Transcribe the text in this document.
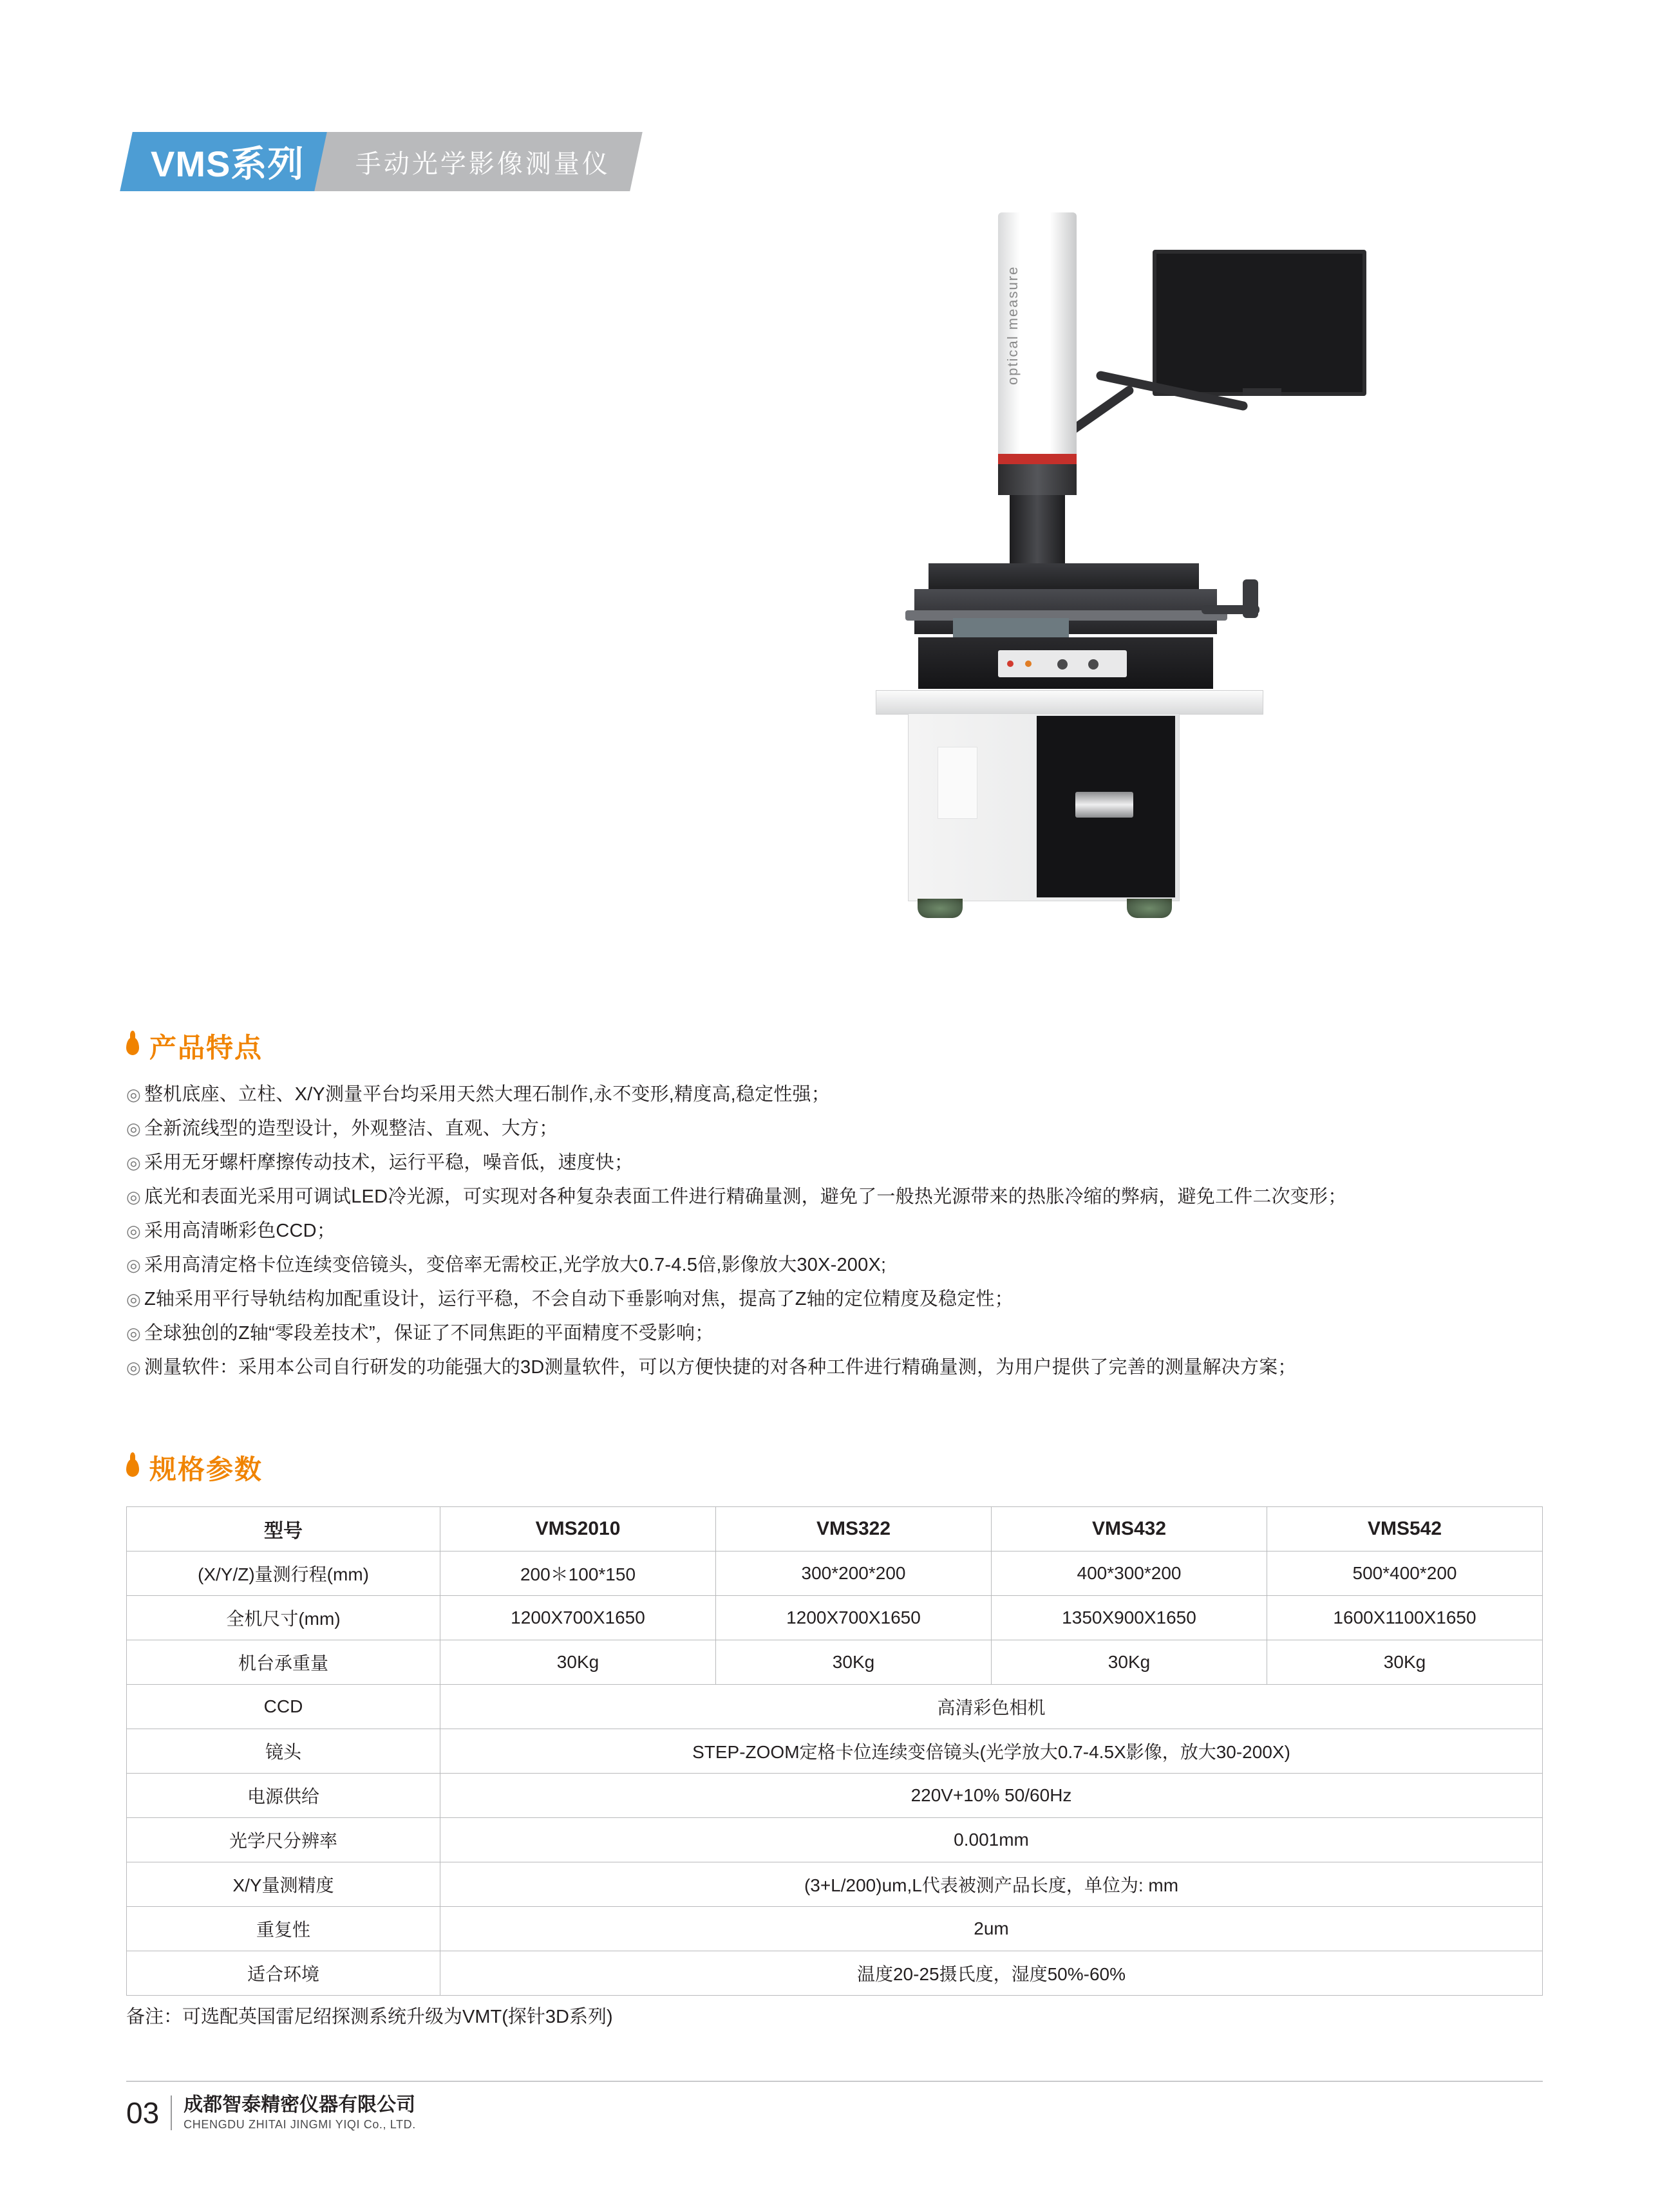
VMS系列 手动光学影像测量仪
optical measure
产品特点
◎ 整机底座、立柱、X/Y测量平台均采用天然大理石制作,永不变形,精度高,稳定性强；
◎ 全新流线型的造型设计，外观整洁、直观、大方；
◎ 采用无牙螺杆摩擦传动技术，运行平稳，噪音低，速度快；
◎ 底光和表面光采用可调试LED冷光源，可实现对各种复杂表面工件进行精确量测，避免了一般热光源带来的热胀冷缩的弊病，避免工件二次变形；
◎ 采用高清晰彩色CCD；
◎ 采用高清定格卡位连续变倍镜头，变倍率无需校正,光学放大0.7-4.5倍,影像放大30X-200X;
◎ Z轴采用平行导轨结构加配重设计，运行平稳，不会自动下垂影响对焦，提高了Z轴的定位精度及稳定性；
◎ 全球独创的Z轴“零段差技术”，保证了不同焦距的平面精度不受影响；
◎ 测量软件：采用本公司自行研发的功能强大的3D测量软件，可以方便快捷的对各种工件进行精确量测，为用户提供了完善的测量解决方案；
规格参数
型号	VMS2010	VMS322	VMS432	VMS542
(X/Y/Z)量测行程(mm)	200＊100*150	300*200*200	400*300*200	500*400*200
全机尺寸(mm)	1200X700X1650	1200X700X1650	1350X900X1650	1600X1100X1650
机台承重量	30Kg	30Kg	30Kg	30Kg
CCD	高清彩色相机			
镜头	STEP-ZOOM定格卡位连续变倍镜头(光学放大0.7-4.5X影像，放大30-200X)			
电源供给	220V+10% 50/60Hz			
光学尺分辨率	0.001mm			
X/Y量测精度	(3+L/200)um,L代表被测产品长度，单位为: mm			
重复性	2um			
适合环境	温度20-25摄氏度，湿度50%-60%			
备注：可选配英国雷尼绍探测系统升级为VMT(探针3D系列)
03 成都智泰精密仪器有限公司
CHENGDU ZHITAI JINGMI YIQI Co., LTD.
